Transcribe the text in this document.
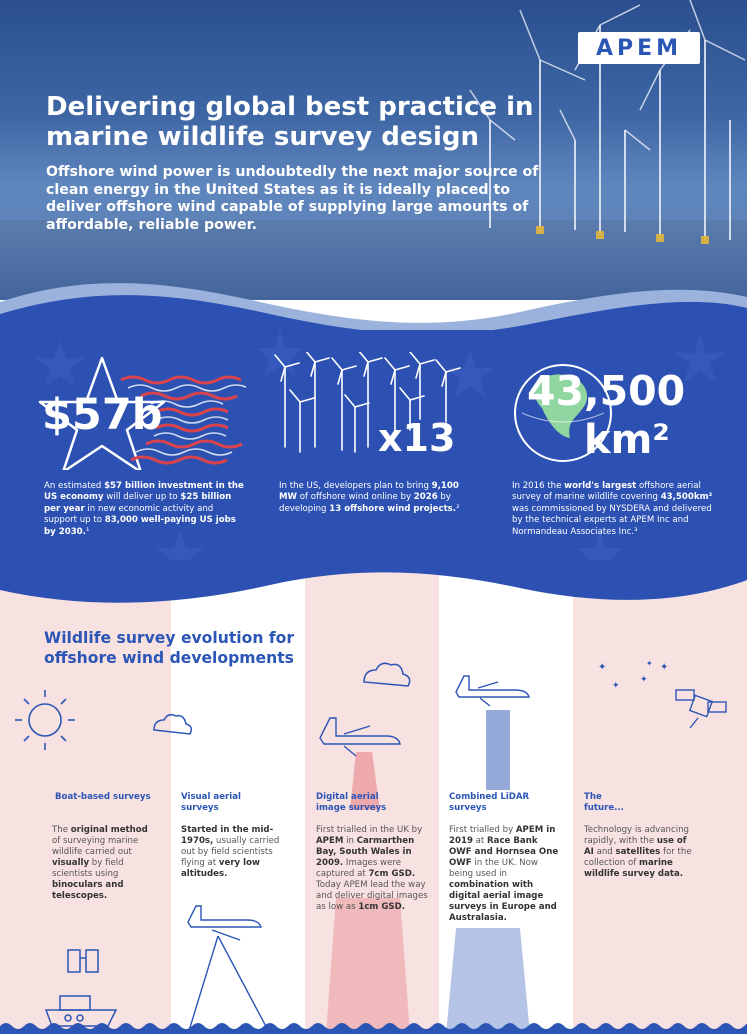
APEM
Delivering global best practice in marine wildlife survey design

Offshore wind power is undoubtedly the next major source of clean energy in the United States as it is ideally placed to deliver offshore wind capable of supplying large amounts of affordable, reliable power.

$57b

An estimated $57 billion investment in the US economy will deliver up to $25 billion per year in new economic activity and support up to 83,000 well-paying US jobs by 2030.¹

x13

In the US, developers plan to bring 9,100 MW of offshore wind online by 2026 by developing 13 offshore wind projects.²

43,500

km²

In 2016 the world's largest offshore aerial survey of marine wildlife covering 43,500km² was commissioned by NYSDERA and delivered by the technical experts at APEM Inc and Normandeau Associates Inc.³

Wildlife survey evolution for offshore wind developments
✦
✦
✦
✦
✦

Boat-based surveys

The original method of surveying marine wildlife carried out visually by field scientists using binoculars and telescopes.

Visual aerial surveys

Started in the mid-1970s, usually carried out by field scientists flying at very low altitudes.

Digital aerial image surveys

First trialled in the UK by APEM in Carmarthen Bay, South Wales in 2009. Images were captured at 7cm GSD. Today APEM lead the way and deliver digital images as low as 1cm GSD.

Combined LiDAR surveys

First trialled by APEM in 2019 at Race Bank OWF and Hornsea One OWF in the UK. Now being used in combination with digital aerial image surveys in Europe and Australasia.

The future...

Technology is advancing rapidly, with the use of AI and satellites for the collection of marine wildlife survey data.
